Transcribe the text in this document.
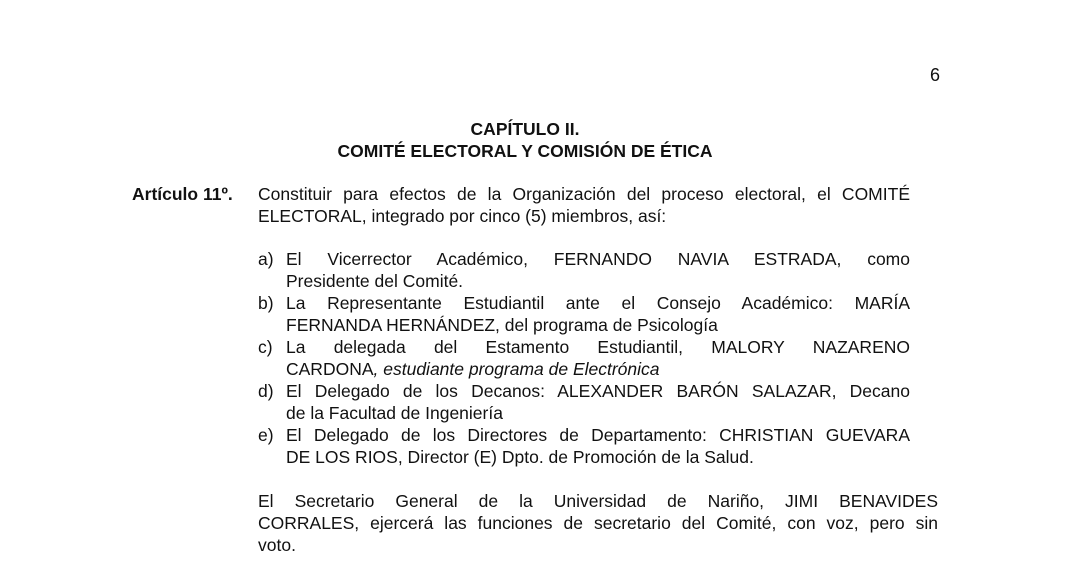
6
CAPÍTULO II.
COMITÉ ELECTORAL Y COMISIÓN DE ÉTICA
Artículo 11º. Constituir para efectos de la Organización del proceso electoral, el COMITÉ
ELECTORAL, integrado por cinco (5) miembros, así:
a) El Vicerrector Académico, FERNANDO NAVIA ESTRADA, como
Presidente del Comité.
b) La Representante Estudiantil ante el Consejo Académico: MARÍA
FERNANDA HERNÁNDEZ, del programa de Psicología
c) La delegada del Estamento Estudiantil, MALORY NAZARENO
CARDONA, estudiante programa de Electrónica
d) El Delegado de los Decanos: ALEXANDER BARÓN SALAZAR, Decano
de la Facultad de Ingeniería
e) El Delegado de los Directores de Departamento: CHRISTIAN GUEVARA
DE LOS RIOS, Director (E) Dpto. de Promoción de la Salud.
El Secretario General de la Universidad de Nariño, JIMI BENAVIDES
CORRALES, ejercerá las funciones de secretario del Comité, con voz, pero sin
voto.
